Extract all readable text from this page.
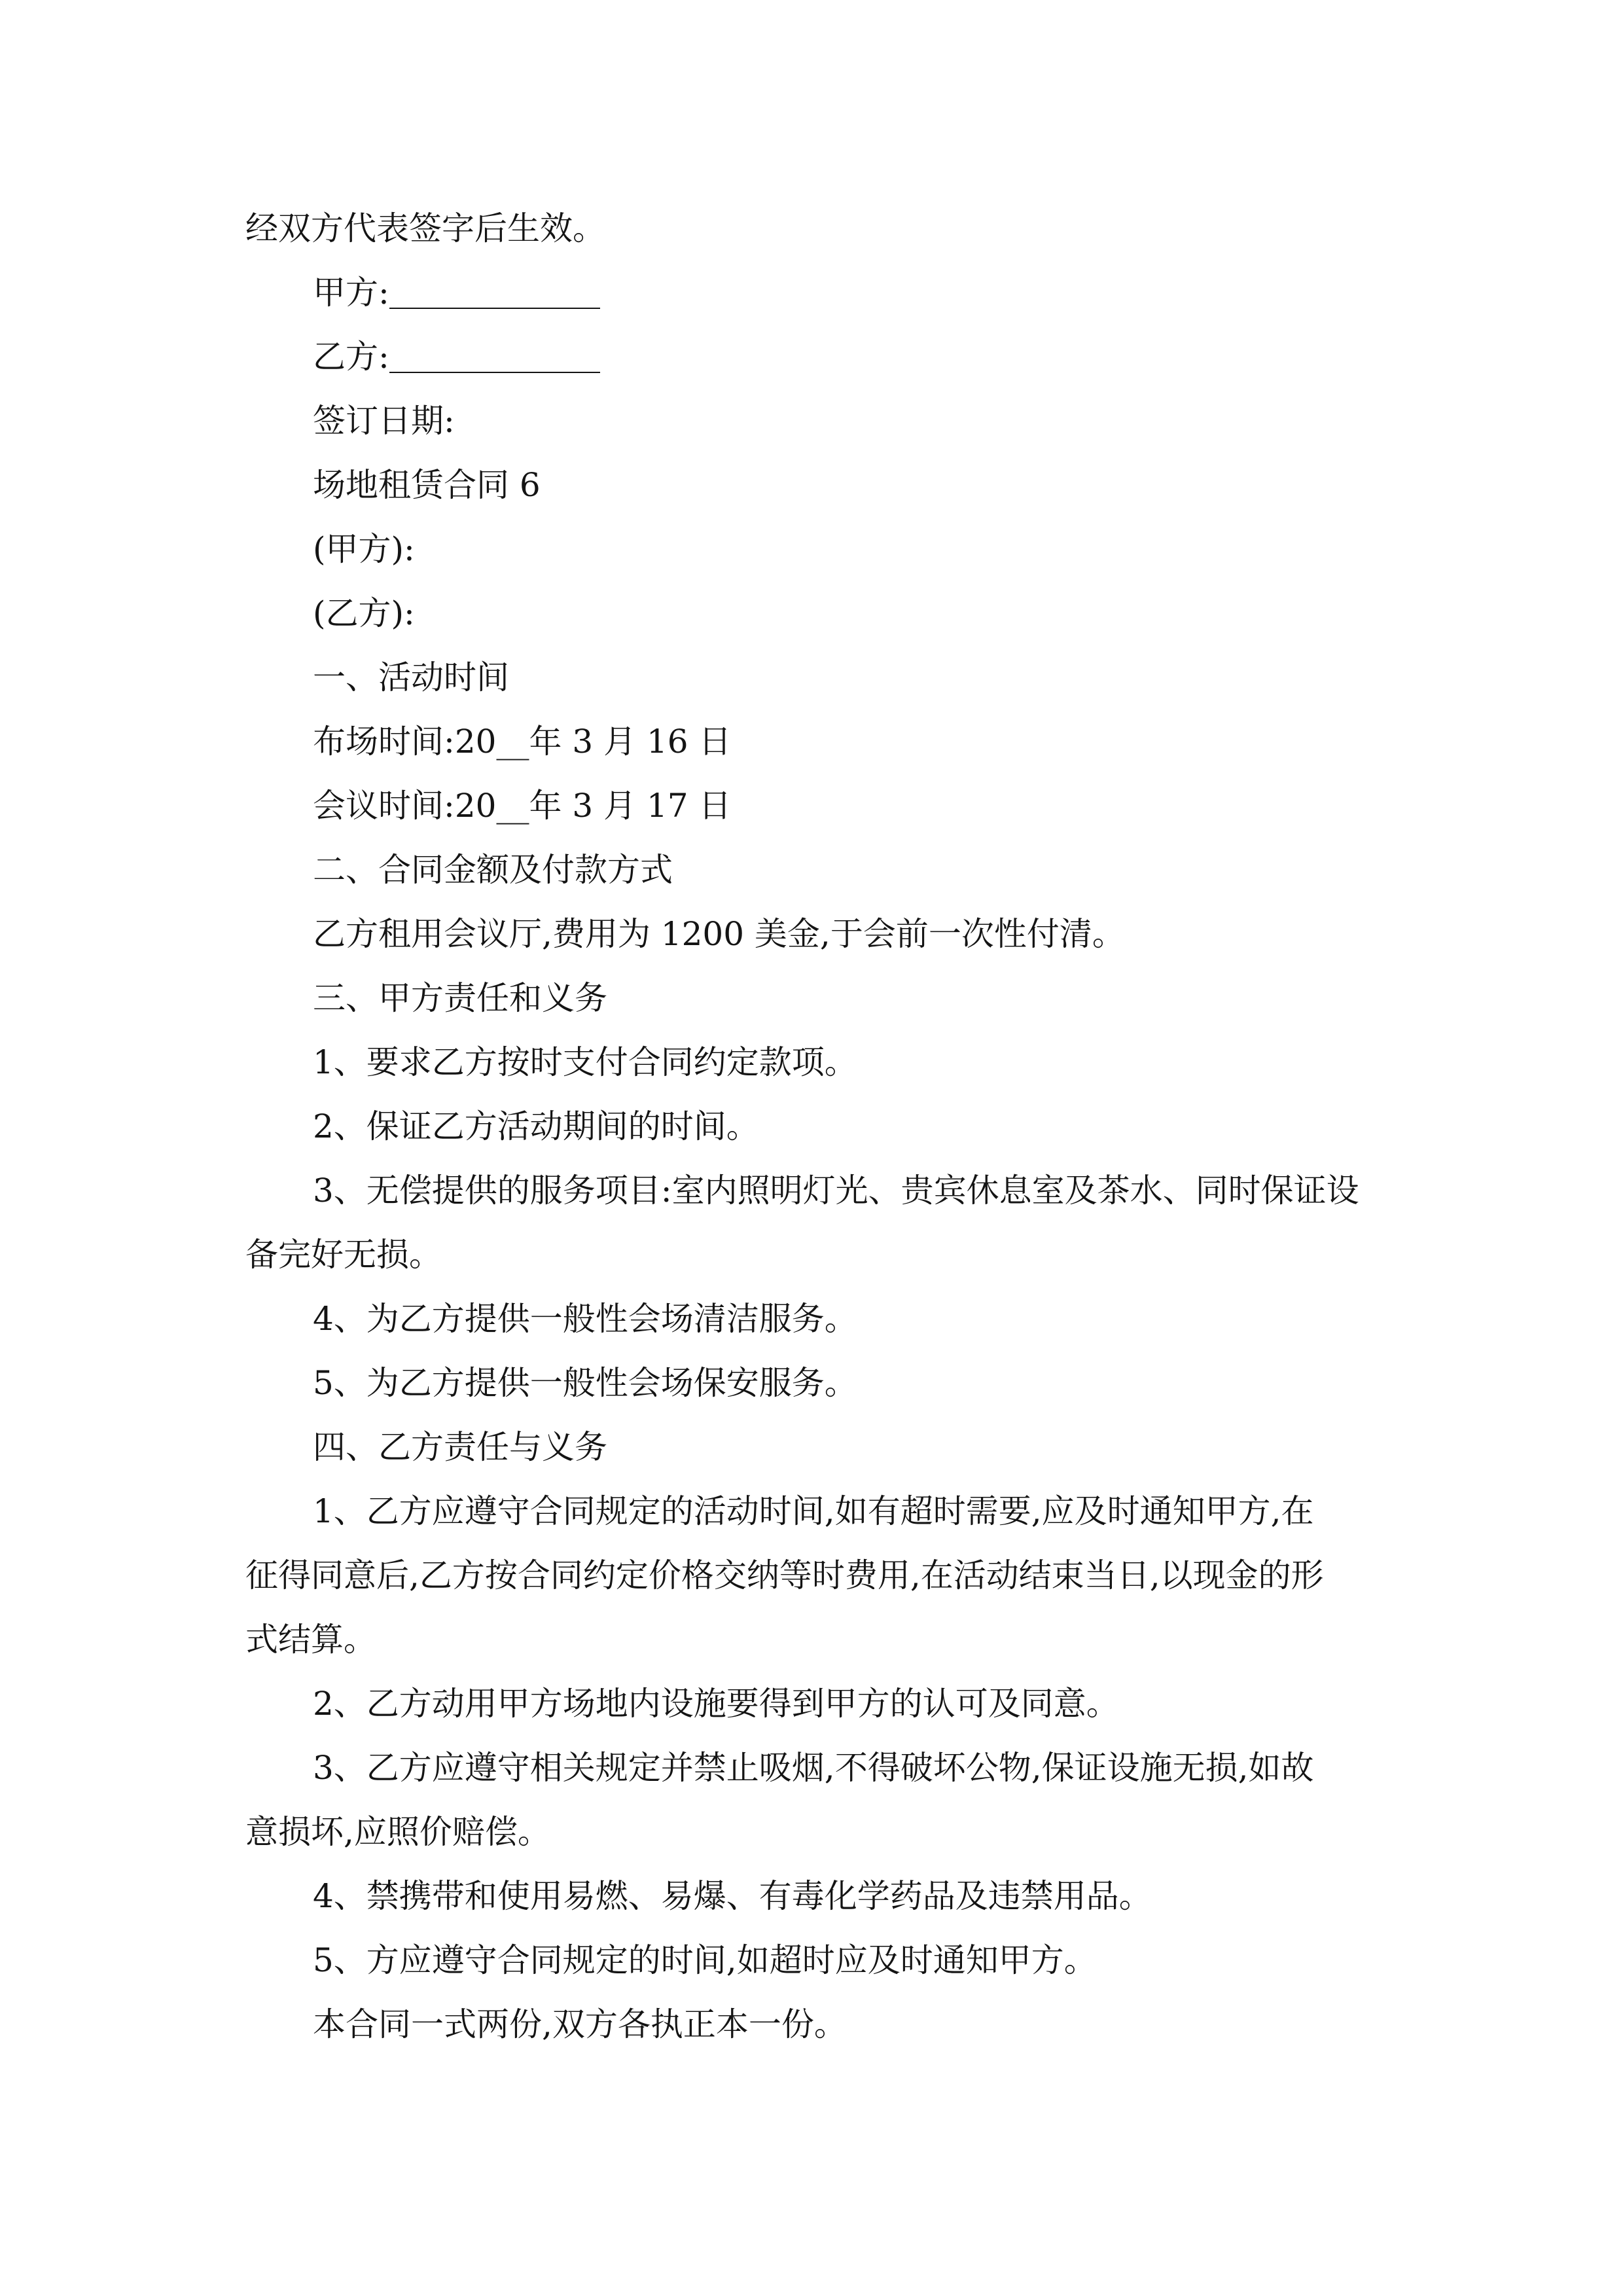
经双方代表签字后生效。
甲方:
乙方:
签订日期:
场地租赁合同 6
(甲方):
(乙方):
一、活动时间
布场时间:20__年 3 月 16 日
会议时间:20__年 3 月 17 日
二、合同金额及付款方式
乙方租用会议厅,费用为 1200 美金,于会前一次性付清。
三、甲方责任和义务
1、要求乙方按时支付合同约定款项。
2、保证乙方活动期间的时间。
3、无偿提供的服务项目:室内照明灯光、贵宾休息室及茶水、同时保证设
备完好无损。
4、为乙方提供一般性会场清洁服务。
5、为乙方提供一般性会场保安服务。
四、乙方责任与义务
1、乙方应遵守合同规定的活动时间,如有超时需要,应及时通知甲方,在
征得同意后,乙方按合同约定价格交纳等时费用,在活动结束当日,以现金的形
式结算。
2、乙方动用甲方场地内设施要得到甲方的认可及同意。
3、乙方应遵守相关规定并禁止吸烟,不得破坏公物,保证设施无损,如故
意损坏,应照价赔偿。
4、禁携带和使用易燃、易爆、有毒化学药品及违禁用品。
5、方应遵守合同规定的时间,如超时应及时通知甲方。
本合同一式两份,双方各执正本一份。
